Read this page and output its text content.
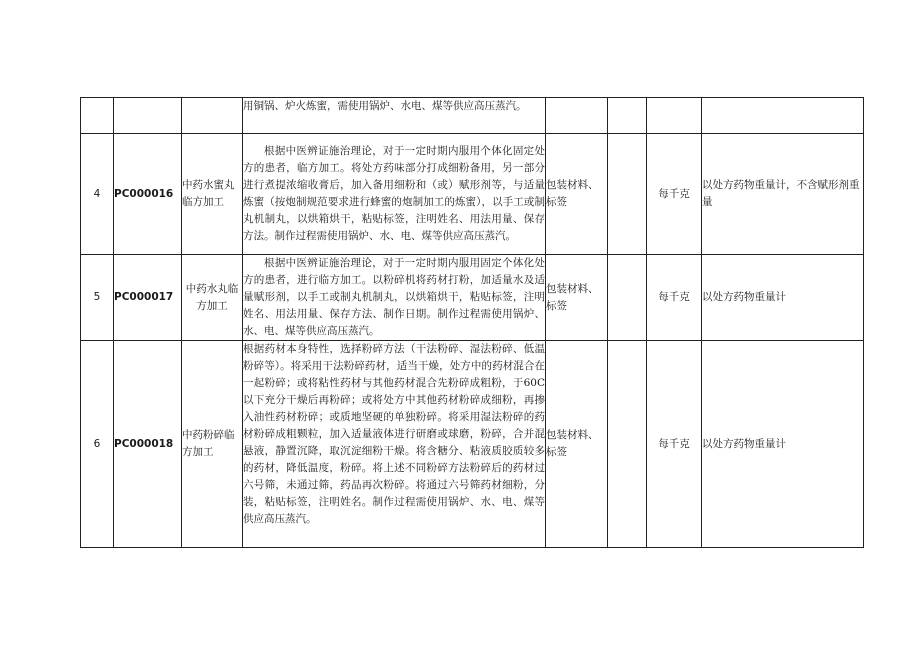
			用铜锅、炉火炼蜜，需使用锅炉、水电、煤等供应高压蒸汽。				

4	PC000016	中药水蜜丸临方加工	根据中医辨证施治理论，对于一定时期内服用个体化固定处方的患者，临方加工。将处方药味部分打成细粉备用，另一部分进行煮提浓缩收膏后，加入备用细粉和（或）赋形剂等，与适量炼蜜（按炮制规范要求进行蜂蜜的炮制加工的炼蜜），以手工或制丸机制丸，以烘箱烘干，粘贴标签，注明姓名、用法用量、保存方法。制作过程需使用锅炉、水、电、煤等供应高压蒸汽。	包装材料、标签		每千克	以处方药物重量计，不含赋形剂重量
5	PC000017	中药水丸临方加工	根据中医辨证施治理论，对于一定时期内服用固定个体化处方的患者，进行临方加工。以粉碎机将药材打粉，加适量水及适量赋形剂，以手工或制丸机制丸，以烘箱烘干，粘贴标签，注明姓名、用法用量、保存方法、制作日期。制作过程需使用锅炉、水、电、煤等供应高压蒸汽。	包装材料、标签		每千克	以处方药物重量计
6	PC000018	中药粉碎临方加工	根据药材本身特性，选择粉碎方法（干法粉碎、湿法粉碎、低温粉碎等）。将采用干法粉碎药材，适当干燥，处方中的药材混合在一起粉碎；或将粘性药材与其他药材混合先粉碎成粗粉，于60C以下充分干燥后再粉碎；或将处方中其他药材粉碎成细粉，再掺入油性药材粉碎；或质地坚硬的单独粉碎。将采用湿法粉碎的药材粉碎成粗颗粒，加入适量液体进行研磨或球磨，粉碎，合并混悬液，静置沉降，取沉淀细粉干燥。将含糖分、粘液质胶质较多的药材，降低温度，粉碎。将上述不同粉碎方法粉碎后的药材过六号筛，未通过筛，药品再次粉碎。将通过六号筛药材细粉，分装，粘贴标签，注明姓名。制作过程需使用锅炉、水、电、煤等供应高压蒸汽。	包装材料、标签		每千克	以处方药物重量计
